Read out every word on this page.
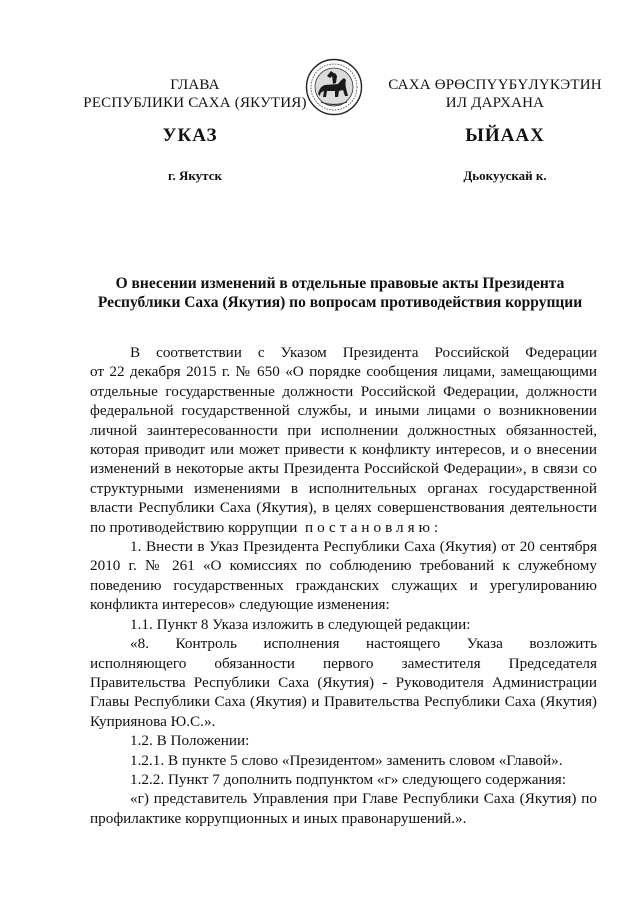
ГЛАВА
РЕСПУБЛИКИ САХА (ЯКУТИЯ)
САХА ӨРӨСПҮҮБҮЛҮКЭТИН
ИЛ ДАРХАНА
УКАЗ	ЫЙААХ
г. Якутск	Дьокуускай к.
О внесении изменений в отдельные правовые акты Президента
Республики Саха (Якутия) по вопросам противодействия коррупции

В соответствии с Указом Президента Российской Федерации

от 22 декабря 2015 г. № 650 «О порядке сообщения лицами, замещающими

отдельные государственные должности Российской Федерации, должности

федеральной государственной службы, и иными лицами о возникновении

личной заинтересованности при исполнении должностных обязанностей,

которая приводит или может привести к конфликту интересов, и о внесении

изменений в некоторые акты Президента Российской Федерации», в связи со

структурными изменениями в исполнительных органах государственной

власти Республики Саха (Якутия), в целях совершенствования деятельности

по противодействию коррупции постановляю:

1. Внести в Указ Президента Республики Саха (Якутия) от 20 сентября

2010 г. № 261 «О комиссиях по соблюдению требований к служебному

поведению государственных гражданских служащих и урегулированию

конфликта интересов» следующие изменения:

1.1. Пункт 8 Указа изложить в следующей редакции:

«8. Контроль исполнения настоящего Указа возложить

исполняющего обязанности первого заместителя Председателя

Правительства Республики Саха (Якутия) - Руководителя Администрации

Главы Республики Саха (Якутия) и Правительства Республики Саха (Якутия)

Куприянова Ю.С.».

1.2. В Положении:

1.2.1. В пункте 5 слово «Президентом» заменить словом «Главой».

1.2.2. Пункт 7 дополнить подпунктом «г» следующего содержания:

«г) представитель Управления при Главе Республики Саха (Якутия) по

профилактике коррупционных и иных правонарушений.».
